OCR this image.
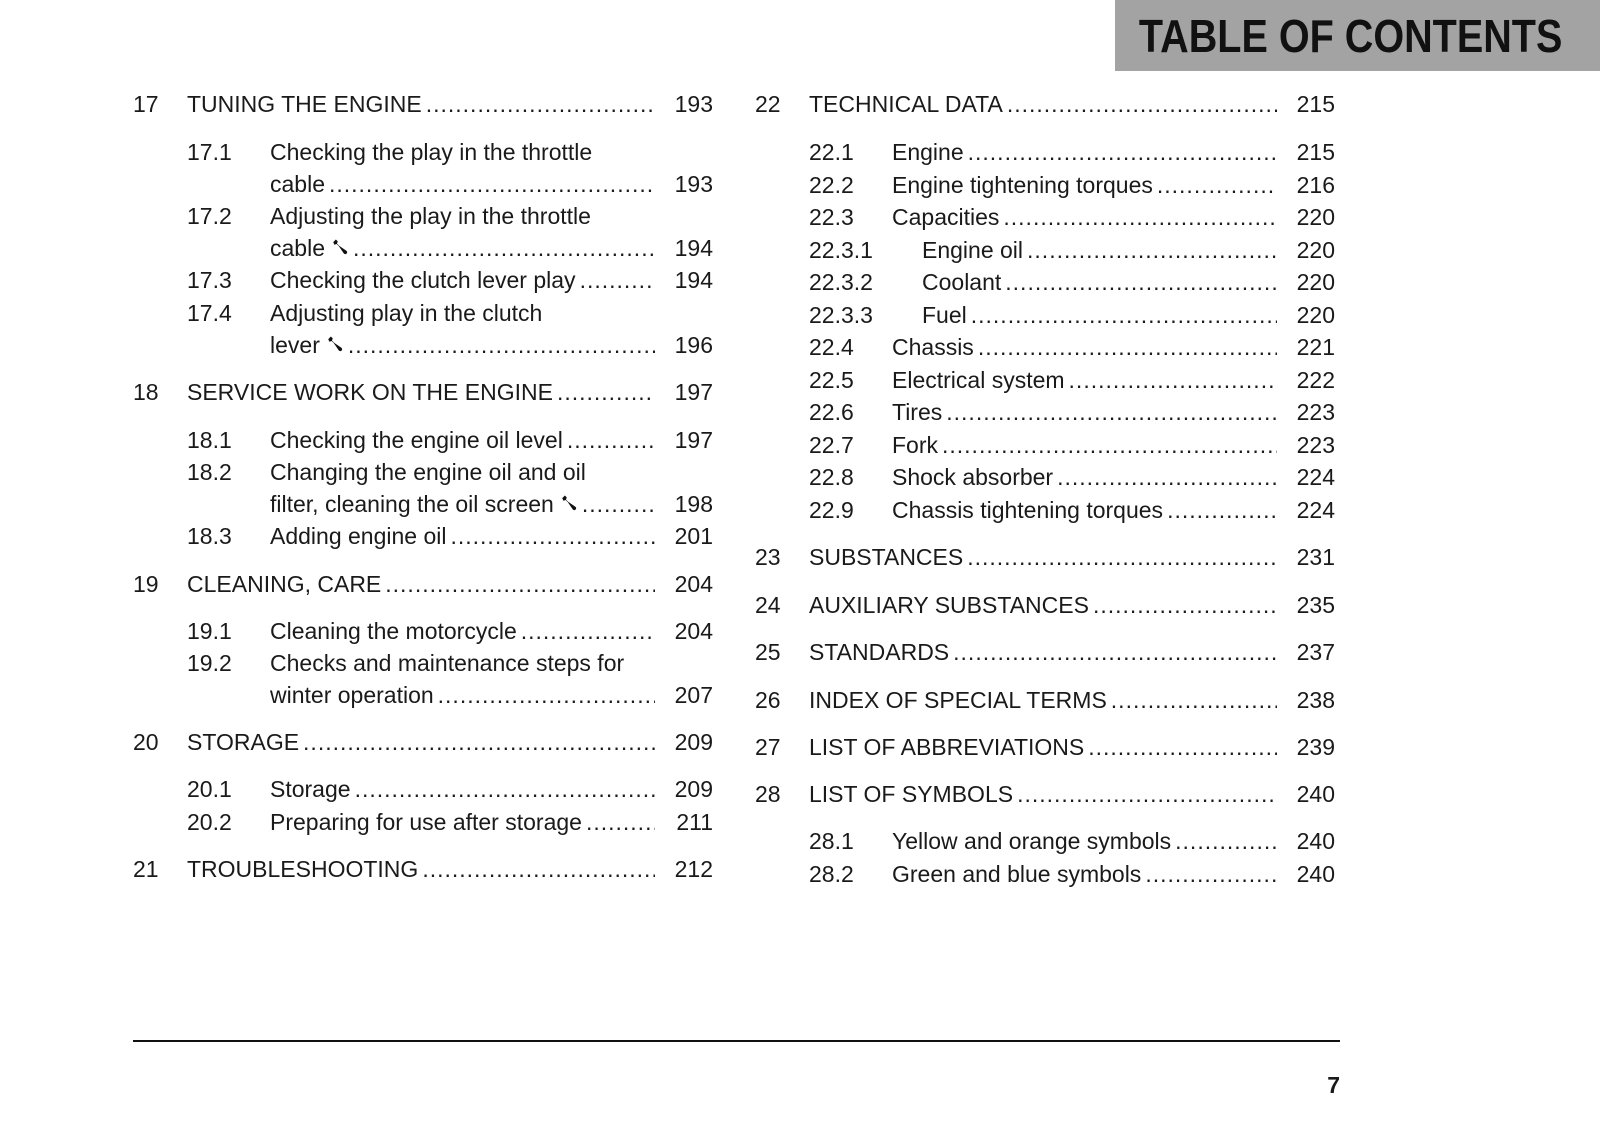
TABLE OF CONTENTS
17 TUNING THE ENGINE .....	193
17.1 Checking the play in the throttle
cable .....	193
17.2 Adjusting the play in the throttle
cable .....	194
17.3 Checking the clutch lever play .....	194
17.4 Adjusting play in the clutch
lever .....	196
18 SERVICE WORK ON THE ENGINE .....	197
18.1 Checking the engine oil level .....	197
18.2 Changing the engine oil and oil
filter, cleaning the oil screen .....	198
18.3 Adding engine oil .....	201
19 CLEANING, CARE .....	204
19.1 Cleaning the motorcycle .....	204
19.2 Checks and maintenance steps for
winter operation .....	207
20 STORAGE .....	209
20.1 Storage .....	209
20.2 Preparing for use after storage .....	211
21 TROUBLESHOOTING .....	212
22 TECHNICAL DATA .....	215
22.1 Engine .....	215
22.2 Engine tightening torques .....	216
22.3 Capacities .....	220
22.3.1 Engine oil .....	220
22.3.2 Coolant .....	220
22.3.3 Fuel .....	220
22.4 Chassis .....	221
22.5 Electrical system .....	222
22.6 Tires .....	223
22.7 Fork .....	223
22.8 Shock absorber .....	224
22.9 Chassis tightening torques .....	224
23 SUBSTANCES .....	231
24 AUXILIARY SUBSTANCES .....	235
25 STANDARDS .....	237
26 INDEX OF SPECIAL TERMS .....	238
27 LIST OF ABBREVIATIONS .....	239
28 LIST OF SYMBOLS .....	240
28.1 Yellow and orange symbols .....	240
28.2 Green and blue symbols .....	240
7
